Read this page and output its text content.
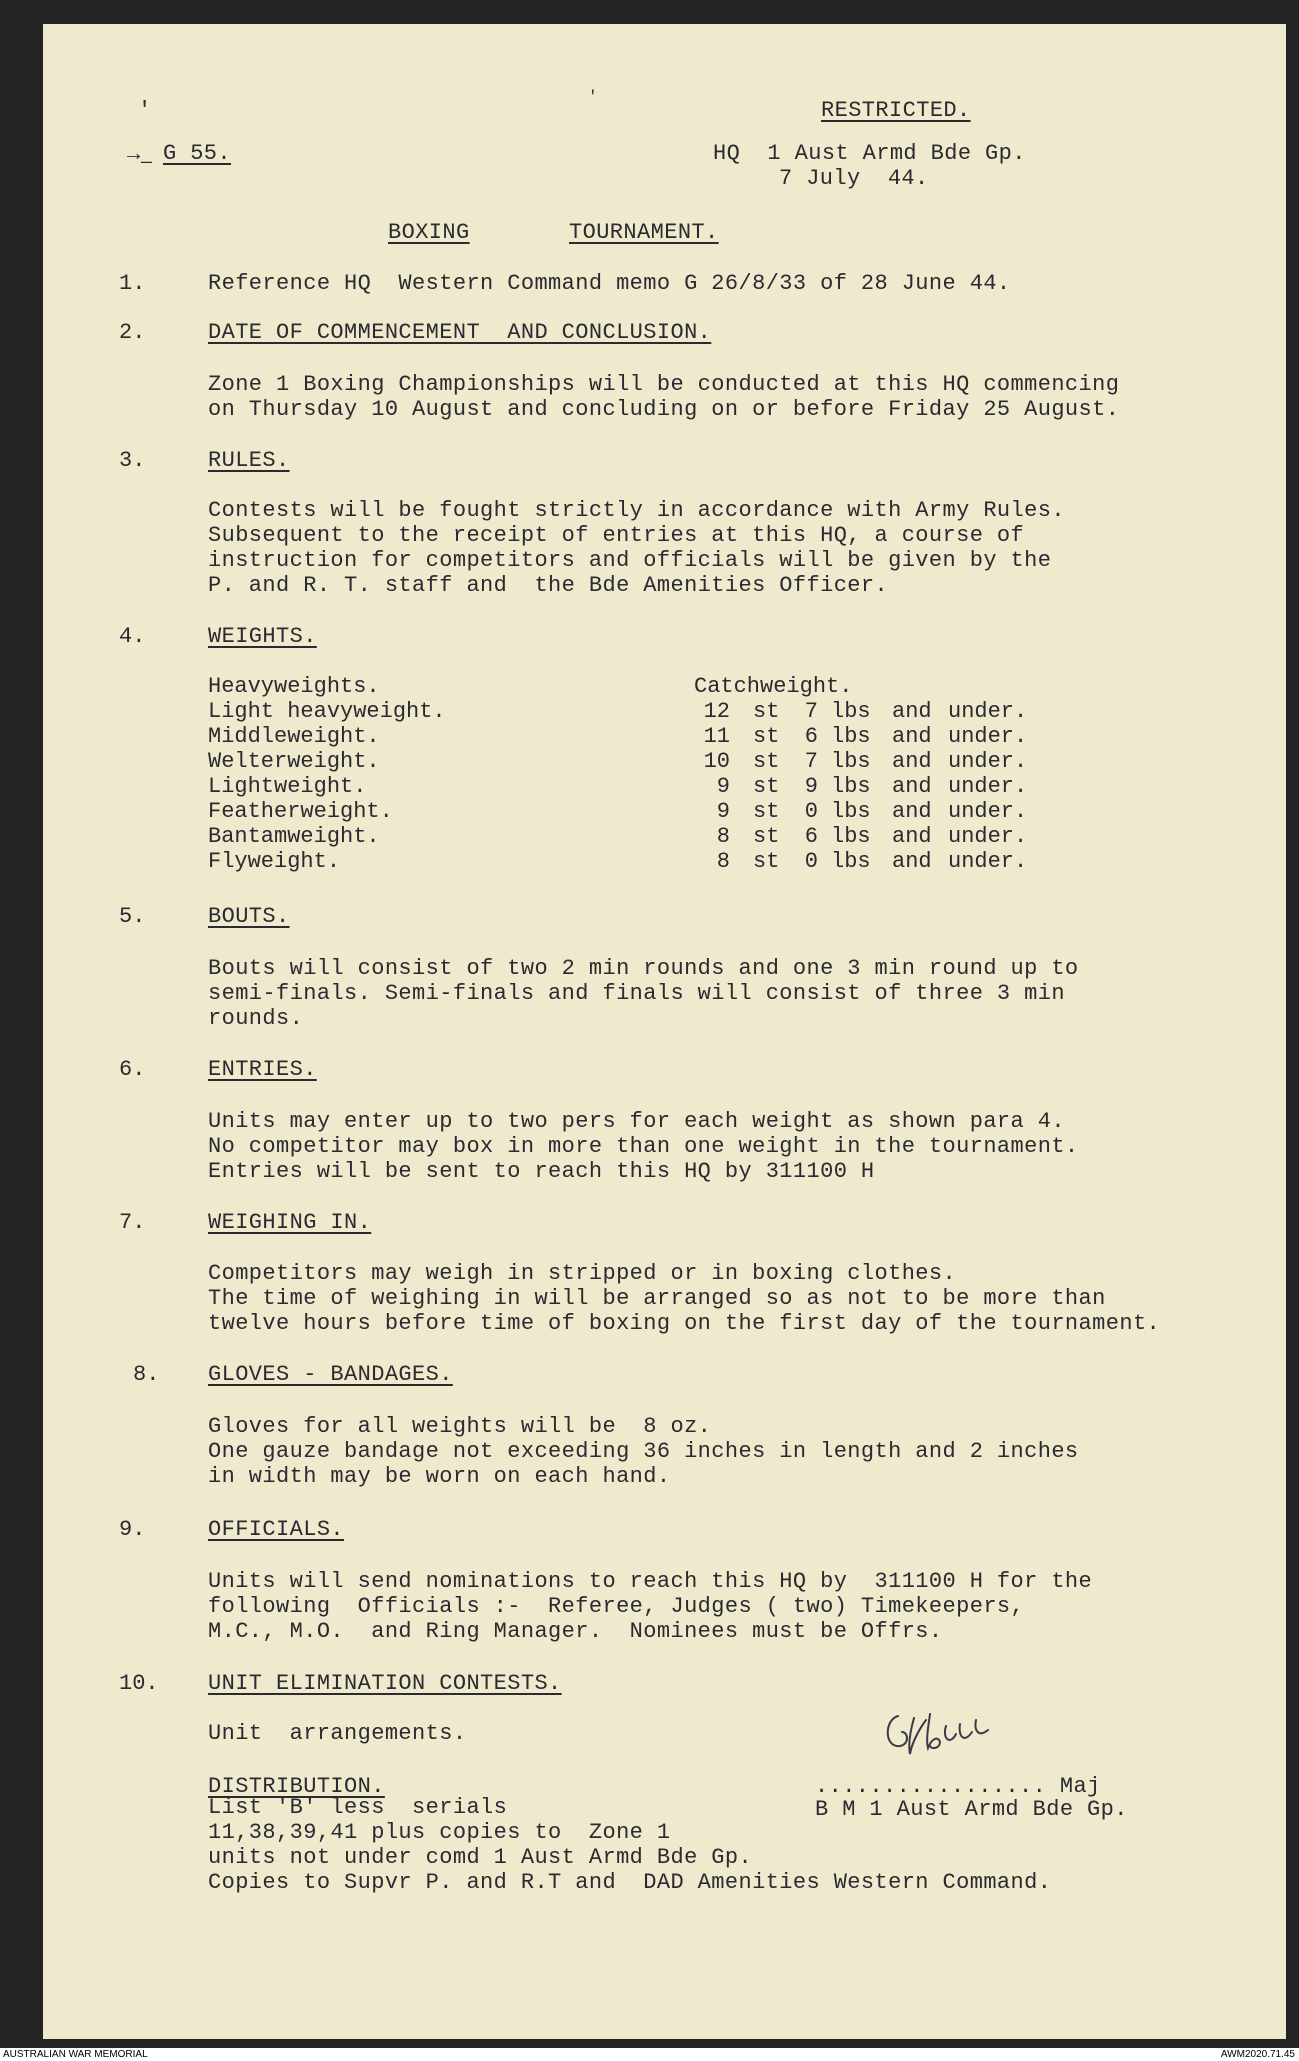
'
'
—
RESTRICTED.
→ G 55.	HQ  1 Aust Armd Bde Gp.
7 July  44.
BOXING	TOURNAMENT.
1.	Reference HQ  Western Command memo G 26/8/33 of 28 June 44.
2.	DATE OF COMMENCEMENT  AND CONCLUSION.
Zone 1 Boxing Championships will be conducted at this HQ commencing
on Thursday 10 August and concluding on or before Friday 25 August.
3.	RULES.
Contests will be fought strictly in accordance with Army Rules.
Subsequent to the receipt of entries at this HQ, a course of
instruction for competitors and officials will be given by the
P. and R. T. staff and  the Bde Amenities Officer.
4.	WEIGHTS.
Heavyweights.	Catchweight.
Light heavyweight.	12 st	7 lbs and under.
Middleweight.	11 st	6 lbs and under.
Welterweight.	10 st	7 lbs and under.
Lightweight.	9 st	9 lbs and under.
Featherweight.	9 st	0 lbs and under.
Bantamweight.	8 st	6 lbs and under.
Flyweight.	8 st	0 lbs and under.
5.	BOUTS.
Bouts will consist of two 2 min rounds and one 3 min round up to
semi-finals. Semi-finals and finals will consist of three 3 min
rounds.
6.	ENTRIES.
Units may enter up to two pers for each weight as shown para 4.
No competitor may box in more than one weight in the tournament.
Entries will be sent to reach this HQ by 311100 H
7.	WEIGHING IN.
Competitors may weigh in stripped or in boxing clothes.
The time of weighing in will be arranged so as not to be more than
twelve hours before time of boxing on the first day of the tournament.
8. GLOVES - BANDAGES.
Gloves for all weights will be  8 oz.
One gauze bandage not exceeding 36 inches in length and 2 inches
in width may be worn on each hand.
9.	OFFICIALS.
Units will send nominations to reach this HQ by  311100 H for the
following  Officials :-  Referee, Judges ( two) Timekeepers,
M.C., M.O.  and Ring Manager.  Nominees must be Offrs.
10. UNIT ELIMINATION CONTESTS.
Unit  arrangements.
DISTRIBUTION.
List 'B' less  serials
11,38,39,41 plus copies to  Zone 1
units not under comd 1 Aust Armd Bde Gp.
Copies to Supvr P. and R.T and  DAD Amenities Western Command.
................. Maj
B M 1 Aust Armd Bde Gp.
AUSTRALIAN WAR MEMORIAL	AWM2020.71.45
